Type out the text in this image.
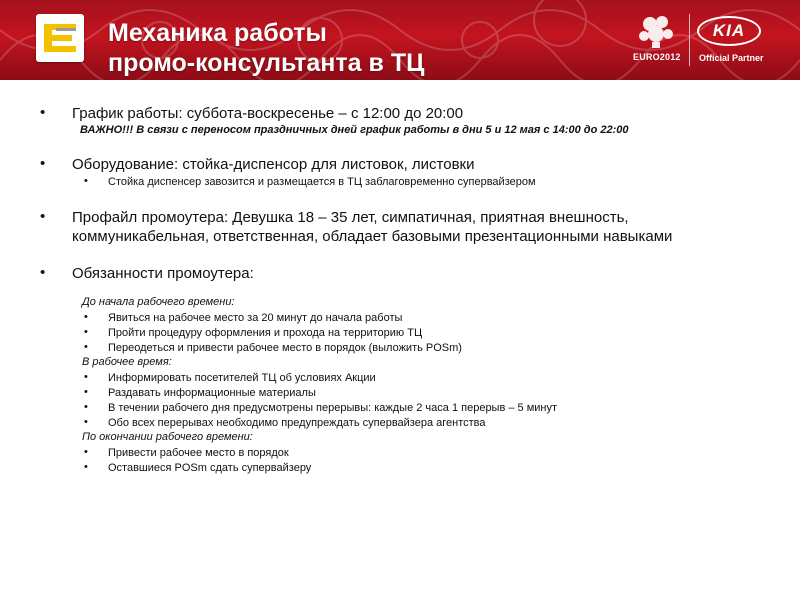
Механика работы
промо-консультанта в ТЦ	EURO2012
KIA
Official Partner
• График работы: суббота-воскресенье – с 12:00 до 20:00
ВАЖНО!!! В связи с переносом праздничных дней график работы в дни 5 и 12 мая с 14:00 до 22:00
• Оборудование: стойка-диспенсор для листовок, листовки
• Стойка диспенсер завозится и размещается в ТЦ заблаговременно супервайзером
• Профайл промоутера: Девушка 18 – 35 лет, симпатичная, приятная внешность,
коммуникабельная, ответственная, обладает базовыми презентационными навыками
• Обязанности промоутера:
До начала рабочего времени:
• Явиться на рабочее место за 20 минут до начала работы
• Пройти процедуру оформления и прохода на территорию ТЦ
• Переодеться и привести рабочее место в порядок (выложить POSm)
В рабочее время:
• Информировать посетителей ТЦ об условиях Акции
• Раздавать информационные материалы
• В течении рабочего дня предусмотрены перерывы: каждые 2 часа 1 перерыв – 5 минут
• Обо всех перерывах необходимо предупреждать супервайзера агентства
По окончании рабочего времени:
• Привести рабочее место в порядок
• Оставшиеся POSm сдать супервайзеру
